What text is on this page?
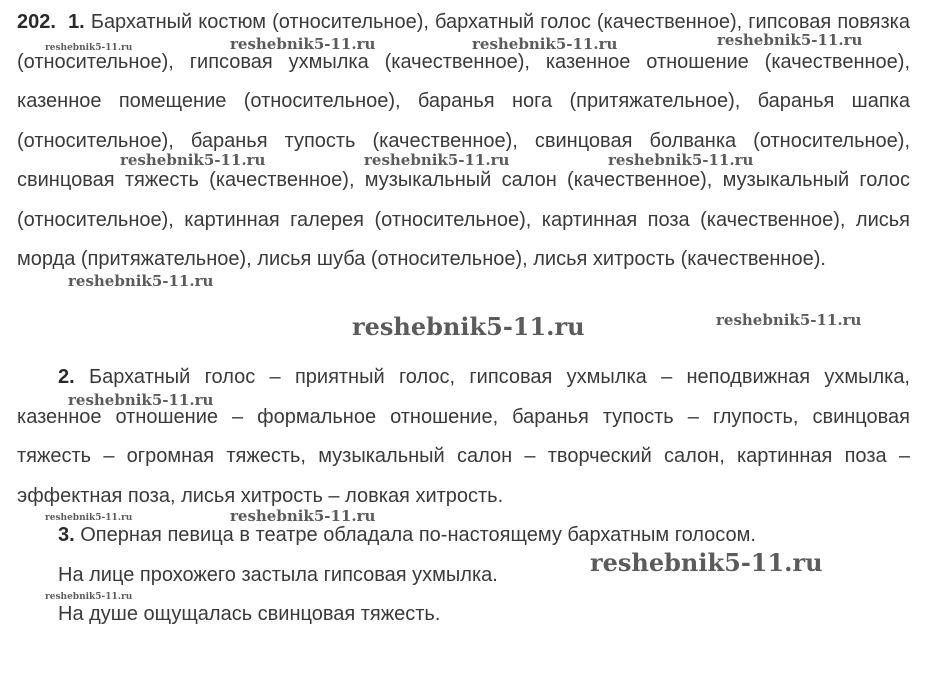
202. 1. Бархатный костюм (относительное), бархатный голос (качественное), гипсовая повязка (относительное), гипсовая ухмылка (качественное), казенное отношение (качественное), казенное помещение (относительное), баранья нога (притяжательное), баранья шапка (относительное), баранья тупость (качественное), свинцовая болванка (относительное), свинцовая тяжесть (качественное), музыкальный салон (качественное), музыкальный голос (относительное), картинная галерея (относительное), картинная поза (качественное), лисья морда (притяжательное), лисья шуба (относительное), лисья хитрость (качественное).

2. Бархатный голос – приятный голос, гипсовая ухмылка – неподвижная ухмылка, казенное отношение – формальное отношение, баранья тупость – глупость, свинцовая тяжесть – огромная тяжесть, музыкальный салон – творческий салон, картинная поза – эффектная поза, лисья хитрость – ловкая хитрость.

3. Оперная певица в театре обладала по-настоящему бархатным голосом.

На лице прохожего застыла гипсовая ухмылка.

На душе ощущалась свинцовая тяжесть.

reshebnik5-11.ru	reshebnik5-11.ru	reshebnik5-11.ru	reshebnik5-11.ru
reshebnik5-11.ru	reshebnik5-11.ru	reshebnik5-11.ru
reshebnik5-11.ru
reshebnik5-11.ru	reshebnik5-11.ru
reshebnik5-11.ru
reshebnik5-11.ru	reshebnik5-11.ru
reshebnik5-11.ru
reshebnik5-11.ru
